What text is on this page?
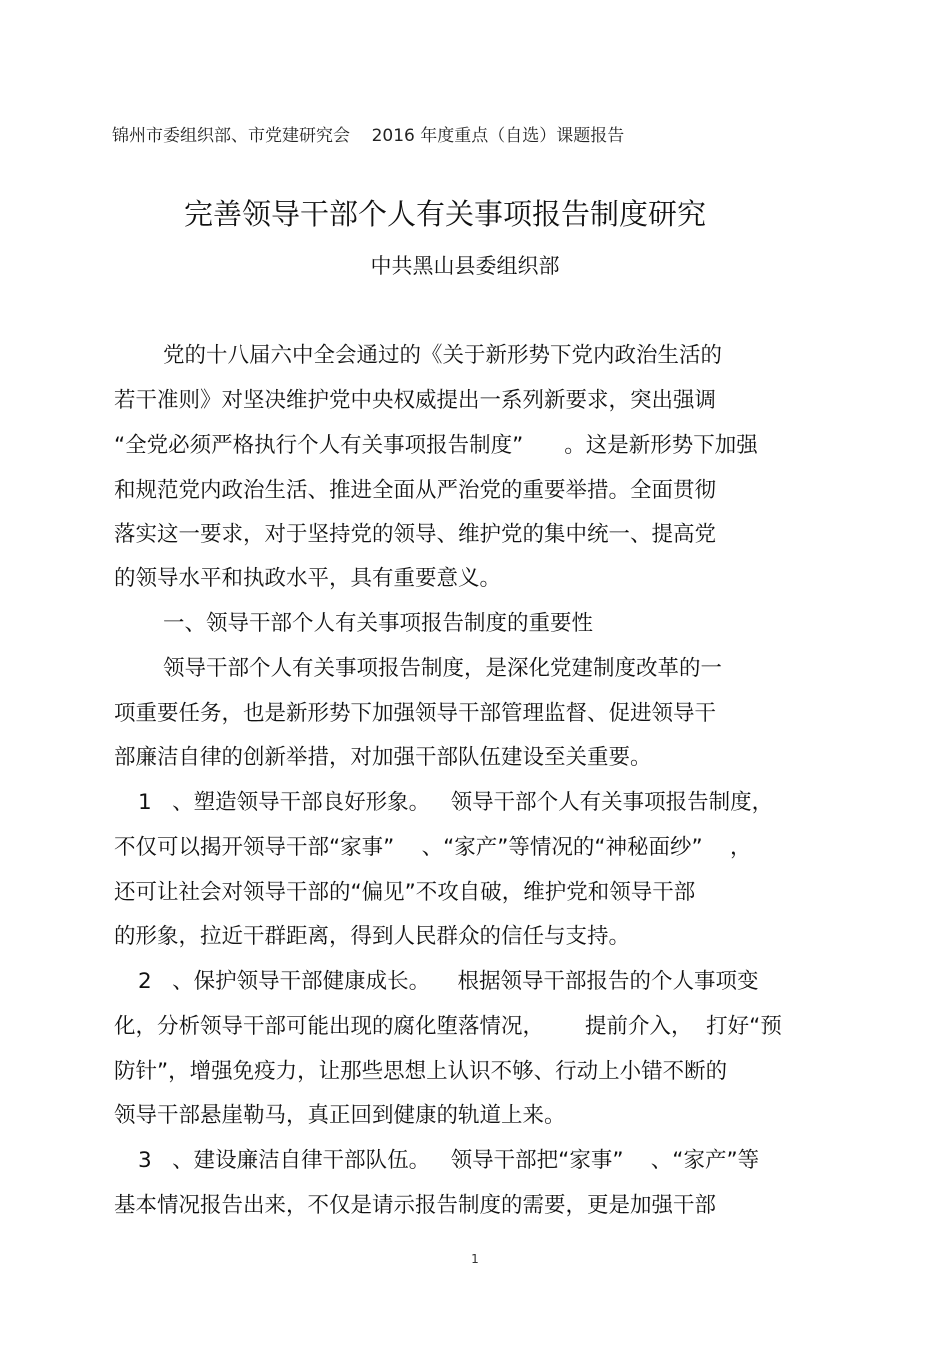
锦州市委组织部、市党建研究会    2016 年度重点（自选）课题报告
完善领导干部个人有关事项报告制度研究
中共黑山县委组织部
党的十八届六中全会通过的《关于新形势下党内政治生活的
若干准则》对坚决维护党中央权威提出一系列新要求，突出强调
“全党必须严格执行个人有关事项报告制度”      。这是新形势下加强
和规范党内政治生活、推进全面从严治党的重要举措。全面贯彻
落实这一要求，对于坚持党的领导、维护党的集中统一、提高党
的领导水平和执政水平，具有重要意义。
一、领导干部个人有关事项报告制度的重要性
领导干部个人有关事项报告制度，是深化党建制度改革的一
项重要任务，也是新形势下加强领导干部管理监督、促进领导干
部廉洁自律的创新举措，对加强干部队伍建设至关重要。
1   、塑造领导干部良好形象。   领导干部个人有关事项报告制度，
不仅可以揭开领导干部“家事”    、“家产”等情况的“神秘面纱”    ，
还可让社会对领导干部的“偏见”不攻自破，维护党和领导干部
的形象，拉近干群距离，得到人民群众的信任与支持。
2   、保护领导干部健康成长。    根据领导干部报告的个人事项变
化，分析领导干部可能出现的腐化堕落情况，      提前介入，  打好“预
防针”，增强免疫力，让那些思想上认识不够、行动上小错不断的
领导干部悬崖勒马，真正回到健康的轨道上来。
3   、建设廉洁自律干部队伍。   领导干部把“家事”    、“家产”等
基本情况报告出来，不仅是请示报告制度的需要，更是加强干部
1
